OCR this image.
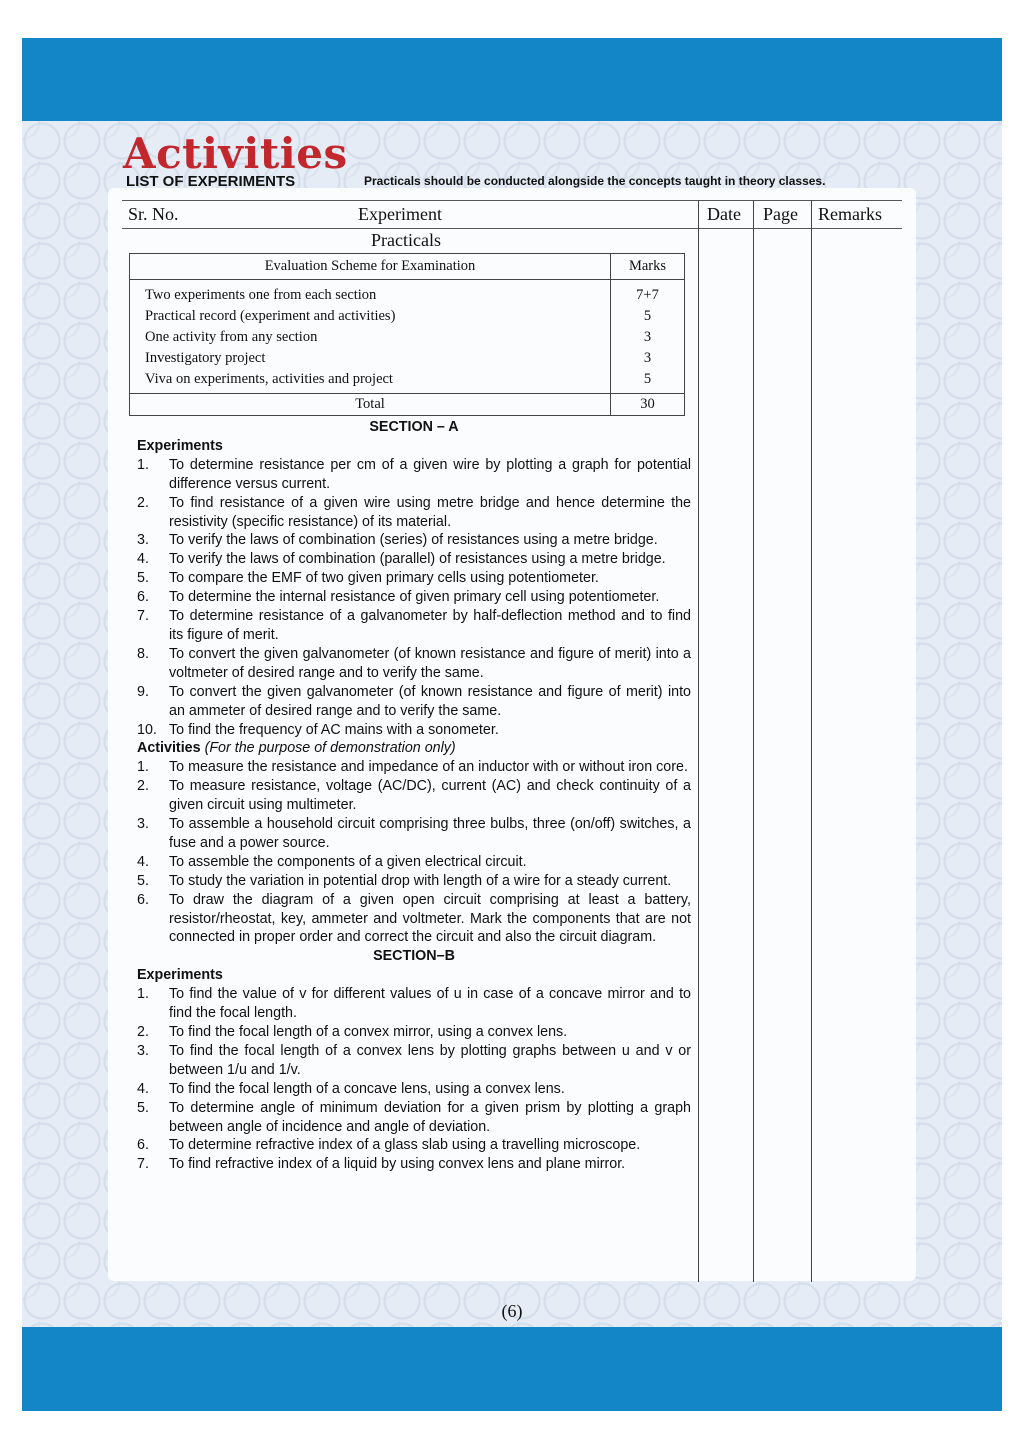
Activities
LIST OF EXPERIMENTS	Practicals should be conducted alongside the concepts taught in theory classes.
Sr. No.	Experiment	Date Page Remarks
Practicals
Evaluation Scheme for Examination	Marks
Two experiments one from each section	7+7
Practical record (experiment and activities)	5
One activity from any section	3
Investigatory project	3
Viva on experiments, activities and project	5
Total	30
SECTION – A
Experiments
1.	To determine resistance per cm of a given wire by plotting a graph for potential difference versus current.
2.	To find resistance of a given wire using metre bridge and hence determine the resistivity (specific resistance) of its material.
3.	To verify the laws of combination (series) of resistances using a metre bridge.
4.	To verify the laws of combination (parallel) of resistances using a metre bridge.
5.	To compare the EMF of two given primary cells using potentiometer.
6.	To determine the internal resistance of given primary cell using potentiometer.
7.	To determine resistance of a galvanometer by half-deflection method and to find its figure of merit.
8.	To convert the given galvanometer (of known resistance and figure of merit) into a voltmeter of desired range and to verify the same.
9.	To convert the given galvanometer (of known resistance and figure of merit) into an ammeter of desired range and to verify the same.
10. To find the frequency of AC mains with a sonometer.
Activities (For the purpose of demonstration only)
1.	To measure the resistance and impedance of an inductor with or without iron core.
2.	To measure resistance, voltage (AC/DC), current (AC) and check continuity of a given circuit using multimeter.
3.	To assemble a household circuit comprising three bulbs, three (on/off) switches, a fuse and a power source.
4.	To assemble the components of a given electrical circuit.
5.	To study the variation in potential drop with length of a wire for a steady current.
6.	To draw the diagram of a given open circuit comprising at least a battery, resistor/rheostat, key, ammeter and voltmeter. Mark the components that are not connected in proper order and correct the circuit and also the circuit diagram.
SECTION–B
Experiments
1.	To find the value of v for different values of u in case of a concave mirror and to find the focal length.
2.	To find the focal length of a convex mirror, using a convex lens.
3.	To find the focal length of a convex lens by plotting graphs between u and v or between 1/u and 1/v.
4.	To find the focal length of a concave lens, using a convex lens.
5.	To determine angle of minimum deviation for a given prism by plotting a graph between angle of incidence and angle of deviation.
6.	To determine refractive index of a glass slab using a travelling microscope.
7.	To find refractive index of a liquid by using convex lens and plane mirror.
(6)
